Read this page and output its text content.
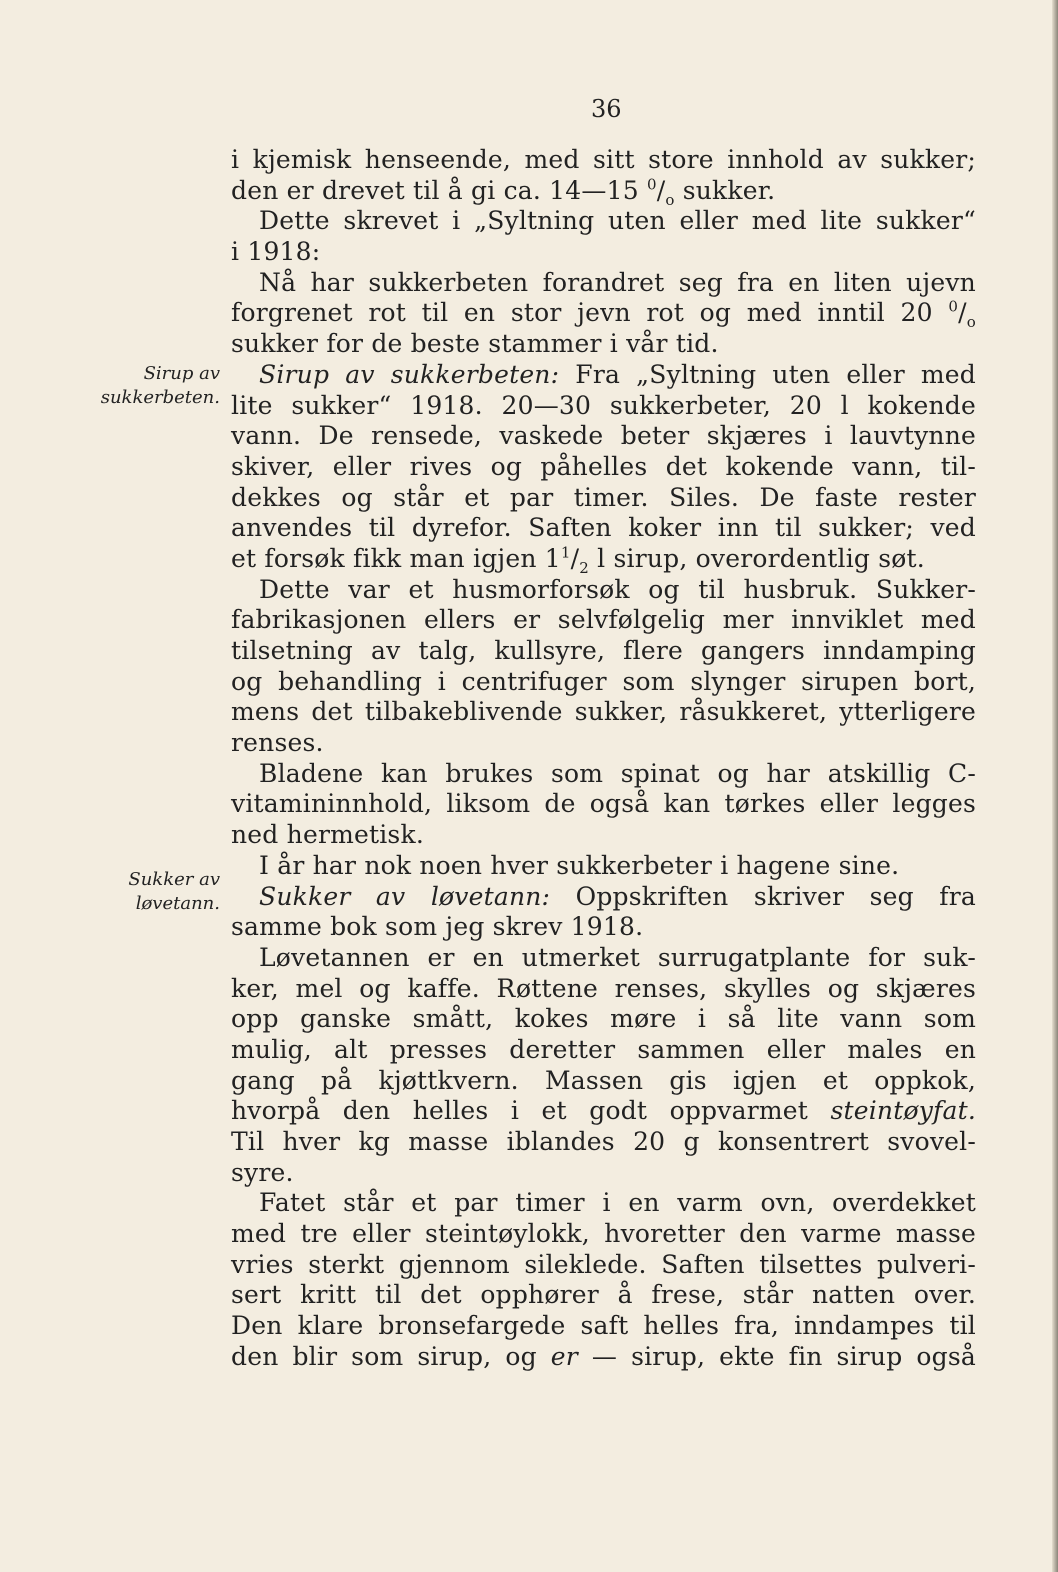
36
Sirup av
sukkerbeten.
Sukker av
løvetann.
i kjemisk henseende, med sitt store innhold av sukker;
den er drevet til å gi ca. 14—15 $^0/_o$ sukker.
Dette skrevet i „Syltning uten eller med lite sukker“
i 1918:
Nå har sukkerbeten forandret seg fra en liten ujevn
forgrenet rot til en stor jevn rot og med inntil 20 $^0/_o$
sukker for de beste stammer i vår tid.
Sirup av sukkerbeten: Fra „Syltning uten eller med
lite sukker“ 1918. 20—30 sukkerbeter, 20 l kokende
vann. De rensede, vaskede beter skjæres i lauvtynne
skiver, eller rives og påhelles det kokende vann, til-
dekkes og står et par timer. Siles. De faste rester
anvendes til dyrefor. Saften koker inn til sukker; ved
et forsøk fikk man igjen $1^1/_2$ l sirup, overordentlig søt.
Dette var et husmorforsøk og til husbruk. Sukker-
fabrikasjonen ellers er selvfølgelig mer innviklet med
tilsetning av talg, kullsyre, flere gangers inndamping
og behandling i centrifuger som slynger sirupen bort,
mens det tilbakeblivende sukker, råsukkeret, ytterligere
renses.
Bladene kan brukes som spinat og har atskillig C-
vitamininnhold, liksom de også kan tørkes eller legges
ned hermetisk.
I år har nok noen hver sukkerbeter i hagene sine.
Sukker av løvetann: Oppskriften skriver seg fra
samme bok som jeg skrev 1918.
Løvetannen er en utmerket surrugatplante for suk-
ker, mel og kaffe. Røttene renses, skylles og skjæres
opp ganske smått, kokes møre i så lite vann som
mulig, alt presses deretter sammen eller males en
gang på kjøttkvern. Massen gis igjen et oppkok,
hvorpå den helles i et godt oppvarmet steintøyfat.
Til hver kg masse iblandes 20 g konsentrert svovel-
syre.
Fatet står et par timer i en varm ovn, overdekket
med tre eller steintøylokk, hvoretter den varme masse
vries sterkt gjennom sileklede. Saften tilsettes pulveri-
sert kritt til det opphører å frese, står natten over.
Den klare bronsefargede saft helles fra, inndampes til
den blir som sirup, og er — sirup, ekte fin sirup også
